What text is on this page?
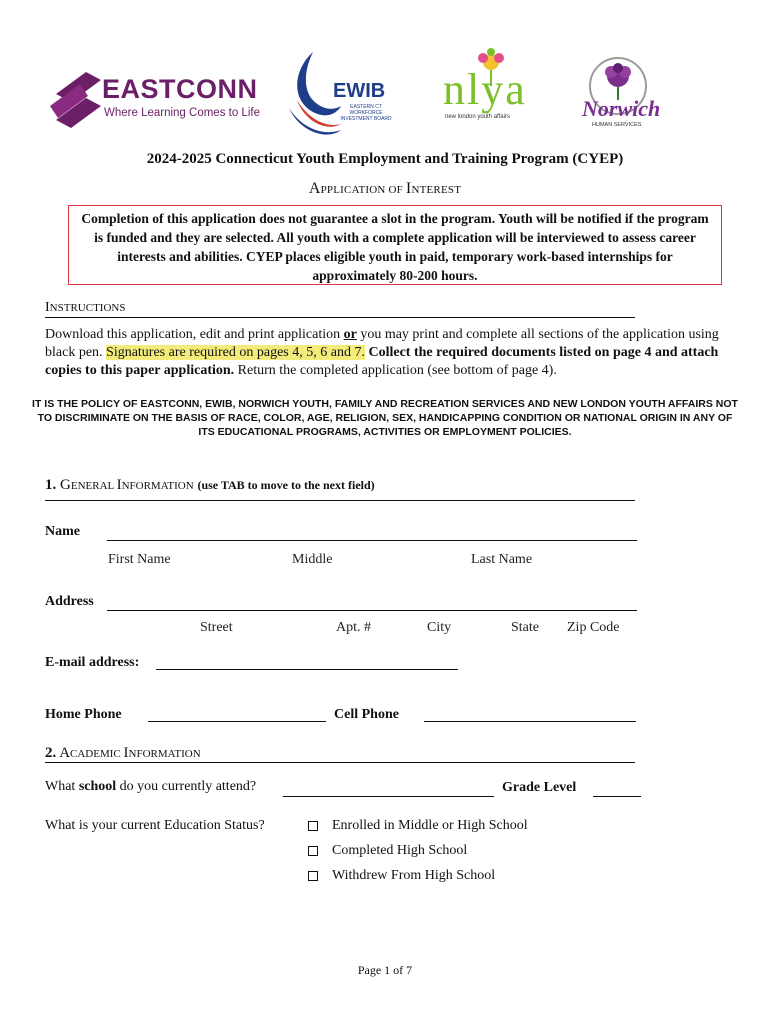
EASTCONN
Where Learning Comes to Life
EWIB
EASTERN CT WORKFORCE INVESTMENT BOARD
nlya
new london youth affairs	Norwich
HUMAN SERVICES
2024-2025 Connecticut Youth Employment and Training Program (CYEP)
APPLICATION OF INTEREST
Completion of this application does not guarantee a slot in the program. Youth will be notified if the program is funded and they are selected. All youth with a complete application will be interviewed to assess career interests and abilities. CYEP places eligible youth in paid, temporary work-based internships for approximately 80-200 hours.
INSTRUCTIONS
Download this application, edit and print application or you may print and complete all sections of the application using black pen. Signatures are required on pages 4, 5, 6 and 7. Collect the required documents listed on page 4 and attach copies to this paper application. Return the completed application (see bottom of page 4).
IT IS THE POLICY OF EASTCONN, EWIB, NORWICH YOUTH, FAMILY AND RECREATION SERVICES AND NEW LONDON YOUTH AFFAIRS NOT TO DISCRIMINATE ON THE BASIS OF RACE, COLOR, AGE, RELIGION, SEX, HANDICAPPING CONDITION OR NATIONAL ORIGIN IN ANY OF ITS EDUCATIONAL PROGRAMS, ACTIVITIES OR EMPLOYMENT POLICIES.
1. GENERAL INFORMATION (use TAB to move to the next field)
Name
First Name	Middle	Last Name
Address
Street	Apt. #	City	State Zip Code
E-mail address:
Home Phone	Cell Phone
2. ACADEMIC INFORMATION
What school do you currently attend?	Grade Level
What is your current Education Status?	Enrolled in Middle or High School
Completed High School
Withdrew From High School
Page 1 of 7
